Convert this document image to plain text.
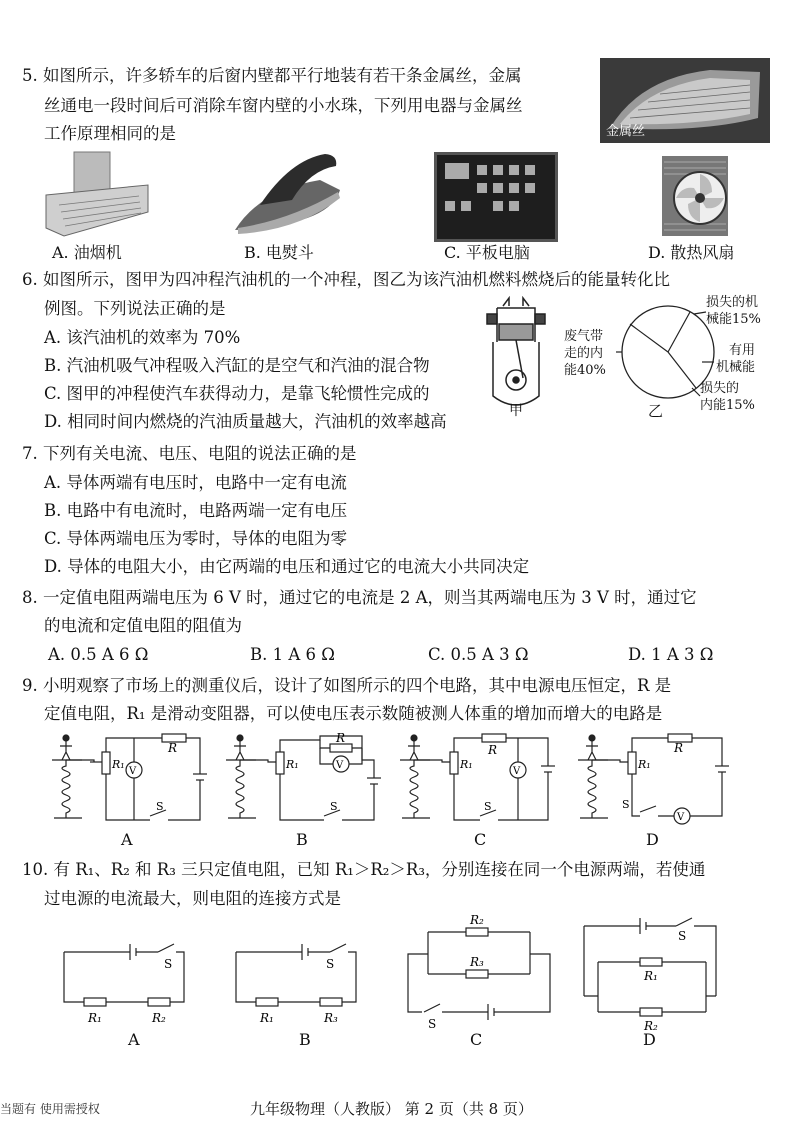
5. 如图所示，许多轿车的后窗内壁都平行地装有若干条金属丝，金属
丝通电一段时间后可消除车窗内壁的小水珠，下列用电器与金属丝
工作原理相同的是	金属丝
A. 油烟机	B. 电熨斗	C. 平板电脑	D. 散热风扇
6. 如图所示，图甲为四冲程汽油机的一个冲程，图乙为该汽油机燃料燃烧后的能量转化比
例图。下列说法正确的是
A. 该汽油机的效率为 70%
B. 汽油机吸气冲程吸入汽缸的是空气和汽油的混合物
C. 图甲的冲程使汽车获得动力，是靠飞轮惯性完成的
D. 相同时间内燃烧的汽油质量越大，汽油机的效率越高
甲
废气带
走的内
能40%
损失的机
械能15%
有用
机械能
损失的
内能15%
乙
7. 下列有关电流、电压、电阻的说法正确的是
A. 导体两端有电压时，电路中一定有电流
B. 电路中有电流时，电路两端一定有电压
C. 导体两端电压为零时，导体的电阻为零
D. 导体的电阻大小，由它两端的电压和通过它的电流大小共同决定
8. 一定值电阻两端电压为 6 V 时，通过它的电流是 2 A，则当其两端电压为 3 V 时，通过它
的电流和定值电阻的阻值为
A. 0.5 A 6 Ω	B. 1 A 6 Ω	C. 0.5 A 3 Ω	D. 1 A 3 Ω
9. 小明观察了市场上的测重仪后，设计了如图所示的四个电路，其中电源电压恒定，R 是
定值电阻，R₁ 是滑动变阻器，可以使电压表示数随被测人体重的增加而增大的电路是
R₁
R
V
S
A
R₁
R
V
S
B
R₁
R
V
S
C
R₁
R
V
S
D
10. 有 R₁、R₂ 和 R₃ 三只定值电阻，已知 R₁＞R₂＞R₃，分别连接在同一个电源两端，若使通
过电源的电流最大，则电阻的连接方式是
S
R₁	R₂
A
S
R₁	R₃
B
R₂
R₃
S
C
S
R₁
R₂
D
当题有 使用需授权	九年级物理（人教版） 第 2 页（共 8 页）
